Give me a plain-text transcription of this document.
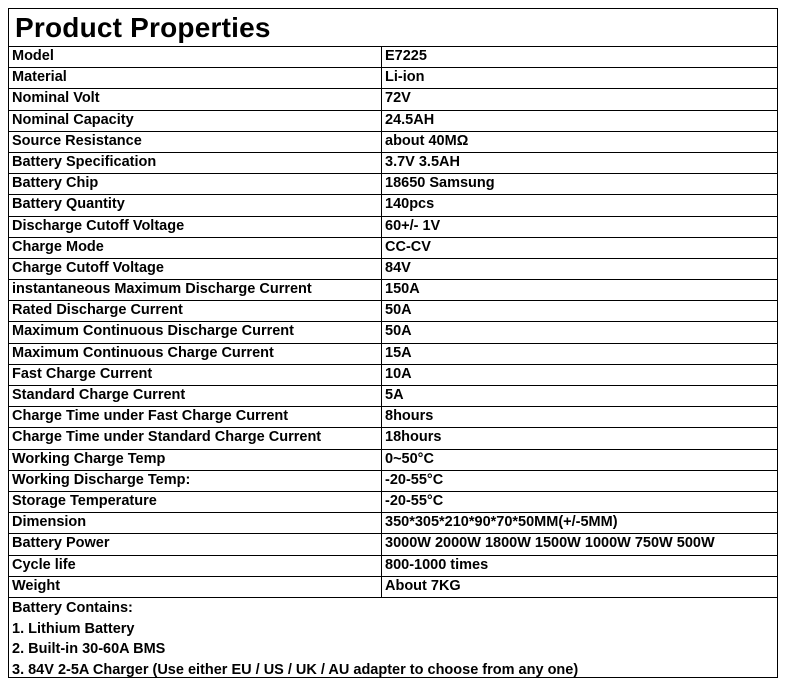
Product Properties
Model	E7225
Material	Li-ion
Nominal Volt	72V
Nominal Capacity	24.5AH
Source Resistance	about 40MΩ
Battery Specification	3.7V 3.5AH
Battery Chip	18650 Samsung
Battery Quantity	140pcs
Discharge Cutoff Voltage	60+/- 1V
Charge Mode	CC-CV
Charge Cutoff Voltage	84V
instantaneous Maximum Discharge Current	150A
Rated Discharge Current	50A
Maximum Continuous Discharge Current	50A
Maximum Continuous Charge Current	15A
Fast Charge Current	10A
Standard Charge Current	5A
Charge Time under Fast Charge Current	8hours
Charge Time under Standard Charge Current	18hours
Working Charge Temp	0~50°C
Working Discharge Temp:	-20-55°C
Storage Temperature	-20-55°C
Dimension	350*305*210*90*70*50MM(+/-5MM)
Battery Power	3000W 2000W 1800W 1500W 1000W 750W 500W
Cycle life	800-1000 times
Weight	About 7KG
Battery Contains:
1. Lithium Battery
2. Built-in 30-60A BMS
3. 84V 2-5A Charger (Use either EU / US / UK / AU adapter to choose from any one)
